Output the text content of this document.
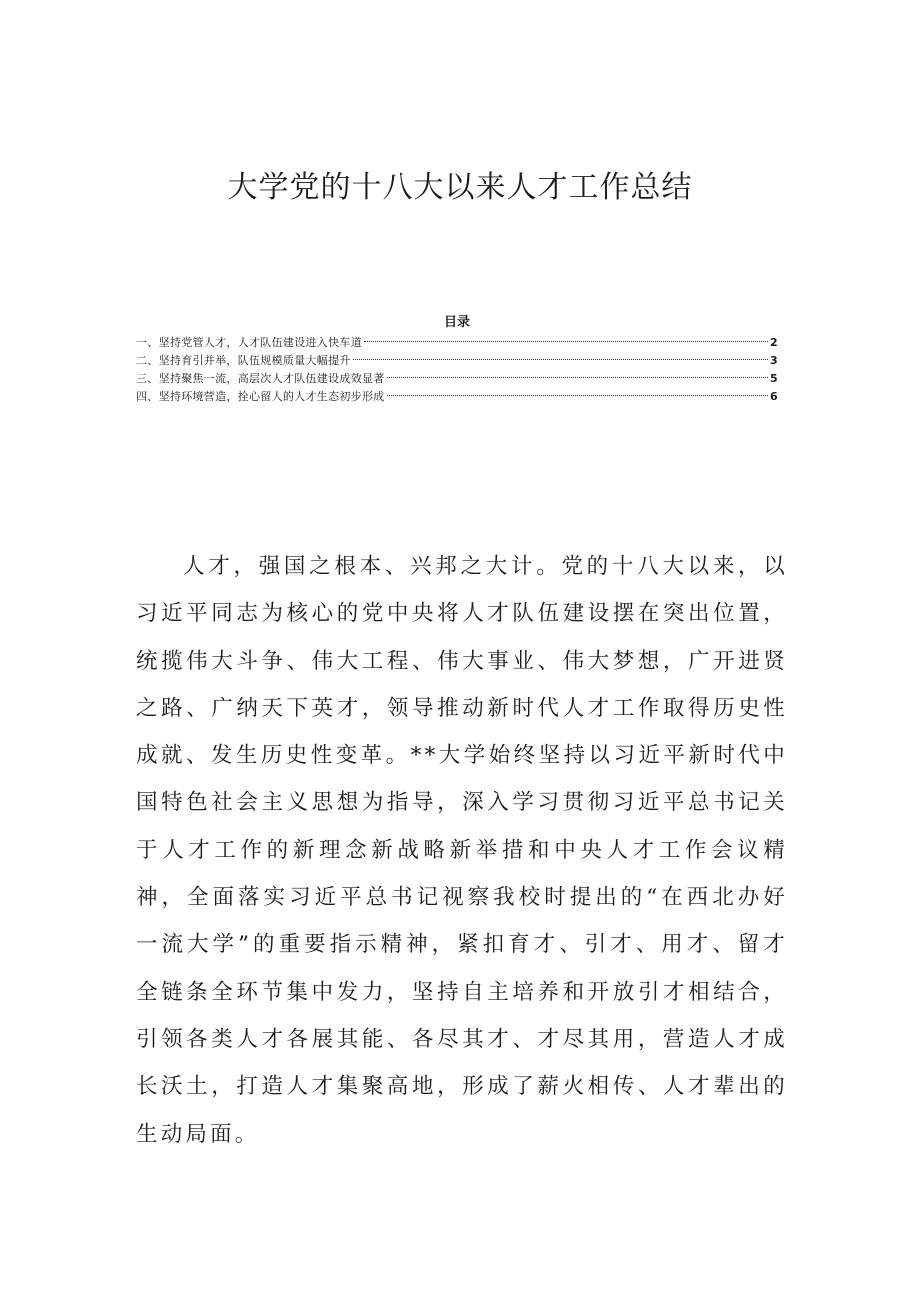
大学党的十八大以来人才工作总结
目录
一、坚持党管人才，人才队伍建设进入快车道	2
二、坚持育引并举，队伍规模质量大幅提升	3
三、坚持聚焦一流，高层次人才队伍建设成效显著	5
四、坚持环境营造，拴心留人的人才生态初步形成	6

人才，强国之根本、兴邦之大计。党的十八大以来，以习近平同志为核心的党中央将人才队伍建设摆在突出位置，统揽伟大斗争、伟大工程、伟大事业、伟大梦想，广开进贤之路、广纳天下英才，领导推动新时代人才工作取得历史性成就、发生历史性变革。**大学始终坚持以习近平新时代中国特色社会主义思想为指导，深入学习贯彻习近平总书记关于人才工作的新理念新战略新举措和中央人才工作会议精神，全面落实习近平总书记视察我校时提出的“在西北办好一流大学”的重要指示精神，紧扣育才、引才、用才、留才全链条全环节集中发力，坚持自主培养和开放引才相结合，引领各类人才各展其能、各尽其才、才尽其用，营造人才成长沃土，打造人才集聚高地，形成了薪火相传、人才辈出的生动局面。
